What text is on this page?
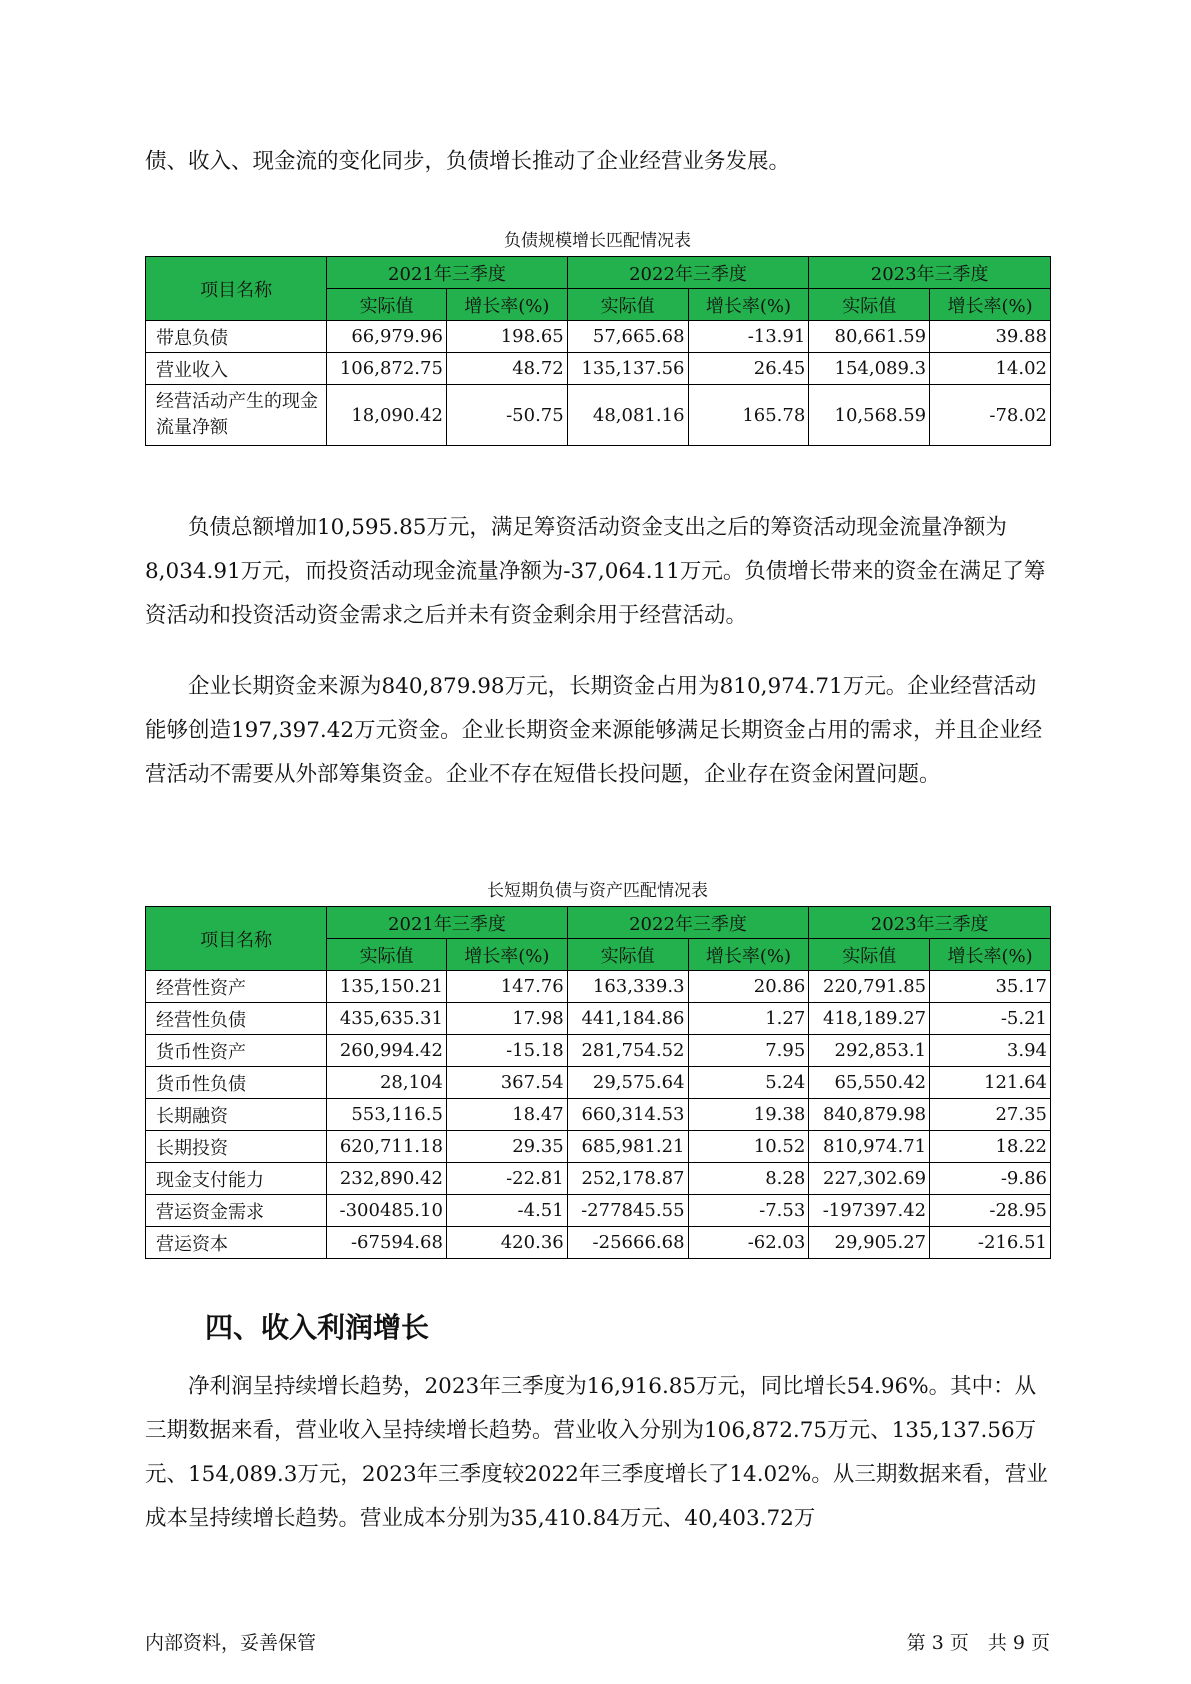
债、收入、现金流的变化同步，负债增长推动了企业经营业务发展。

负债规模增长匹配情况表
项目名称	2021年三季度		2022年三季度		2023年三季度	
	实际值	增长率(%)	实际值	增长率(%)	实际值	增长率(%)
带息负债	66,979.96	198.65	57,665.68	-13.91	80,661.59	39.88
营业收入	106,872.75	48.72	135,137.56	26.45	154,089.3	14.02
经营活动产生的现金流量净额	18,090.42	-50.75	48,081.16	165.78	10,568.59	-78.02

负债总额增加10,595.85万元，满足筹资活动资金支出之后的筹资活动现金流量净额为8,034.91万元，而投资活动现金流量净额为-37,064.11万元。负债增长带来的资金在满足了筹资活动和投资活动资金需求之后并未有资金剩余用于经营活动。

企业长期资金来源为840,879.98万元，长期资金占用为810,974.71万元。企业经营活动能够创造197,397.42万元资金。企业长期资金来源能够满足长期资金占用的需求，并且企业经营活动不需要从外部筹集资金。企业不存在短借长投问题，企业存在资金闲置问题。

长短期负债与资产匹配情况表
项目名称	2021年三季度		2022年三季度		2023年三季度	
	实际值	增长率(%)	实际值	增长率(%)	实际值	增长率(%)
经营性资产	135,150.21	147.76	163,339.3	20.86	220,791.85	35.17
经营性负债	435,635.31	17.98	441,184.86	1.27	418,189.27	-5.21
货币性资产	260,994.42	-15.18	281,754.52	7.95	292,853.1	3.94
货币性负债	28,104	367.54	29,575.64	5.24	65,550.42	121.64
长期融资	553,116.5	18.47	660,314.53	19.38	840,879.98	27.35
长期投资	620,711.18	29.35	685,981.21	10.52	810,974.71	18.22
现金支付能力	232,890.42	-22.81	252,178.87	8.28	227,302.69	-9.86
营运资金需求	-300485.10	-4.51	-277845.55	-7.53	-197397.42	-28.95
营运资本	-67594.68	420.36	-25666.68	-62.03	29,905.27	-216.51
四、收入利润增长

净利润呈持续增长趋势，2023年三季度为16,916.85万元，同比增长54.96%。其中：从三期数据来看，营业收入呈持续增长趋势。营业收入分别为106,872.75万元、135,137.56万元、154,089.3万元，2023年三季度较2022年三季度增长了14.02%。从三期数据来看，营业成本呈持续增长趋势。营业成本分别为35,410.84万元、40,403.72万

内部资料，妥善保管	第 3 页　共 9 页
